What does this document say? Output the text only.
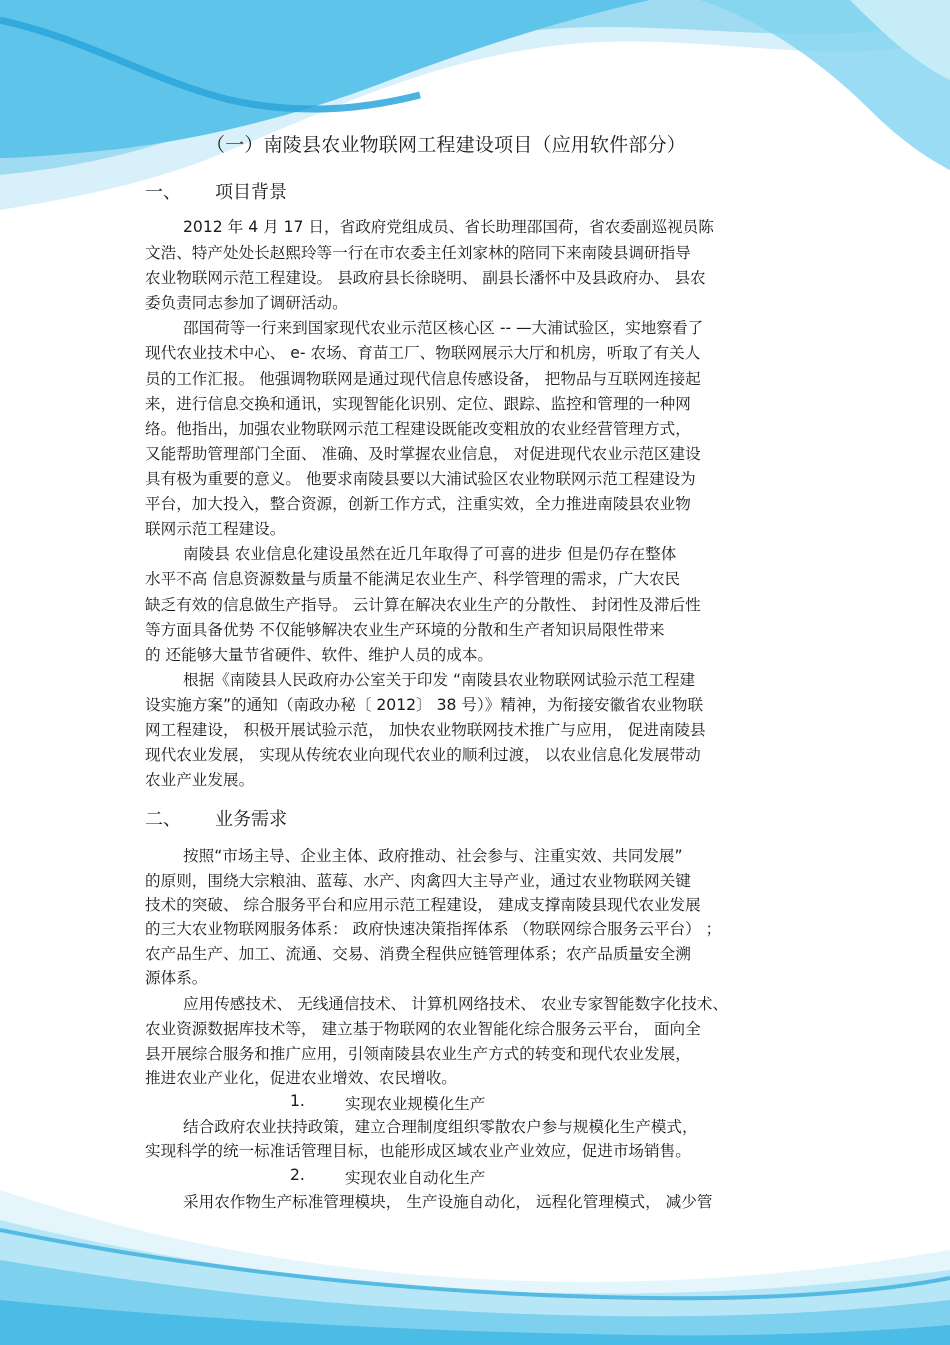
（一）南陵县农业物联网工程建设项目（应用软件部分）
一、 项目背景
2012 年 4 月 17 日，省政府党组成员、省长助理邵国荷，省农委副巡视员陈
文浩、特产处处长赵熙玲等一行在市农委主任刘家林的陪同下来南陵县调研指导
农业物联网示范工程建设。 县政府县长徐晓明、 副县长潘怀中及县政府办、 县农
委负责同志参加了调研活动。
邵国荷等一行来到国家现代农业示范区核心区 -- —大浦试验区，实地察看了
现代农业技术中心、 e- 农场、育苗工厂、物联网展示大厅和机房，听取了有关人
员的工作汇报。 他强调物联网是通过现代信息传感设备， 把物品与互联网连接起
来，进行信息交换和通讯，实现智能化识别、定位、跟踪、监控和管理的一种网
络。他指出，加强农业物联网示范工程建设既能改变粗放的农业经营管理方式，
又能帮助管理部门全面、 准确、及时掌握农业信息， 对促进现代农业示范区建设
具有极为重要的意义。 他要求南陵县要以大浦试验区农业物联网示范工程建设为
平台，加大投入，整合资源，创新工作方式，注重实效，全力推进南陵县农业物
联网示范工程建设。
南陵县 农业信息化建设虽然在近几年取得了可喜的进步 但是仍存在整体
水平不高 信息资源数量与质量不能满足农业生产、科学管理的需求，广大农民
缺乏有效的信息做生产指导。 云计算在解决农业生产的分散性、 封闭性及滞后性
等方面具备优势 不仅能够解决农业生产环境的分散和生产者知识局限性带来
的 还能够大量节省硬件、软件、维护人员的成本。
根据《南陵县人民政府办公室关于印发 “南陵县农业物联网试验示范工程建
设实施方案”的通知（南政办秘〔 2012〕 38 号）》精神，为衔接安徽省农业物联
网工程建设， 积极开展试验示范， 加快农业物联网技术推广与应用， 促进南陵县
现代农业发展， 实现从传统农业向现代农业的顺利过渡， 以农业信息化发展带动
农业产业发展。
二、 业务需求
按照“市场主导、企业主体、政府推动、社会参与、注重实效、共同发展”
的原则，围绕大宗粮油、蓝莓、水产、肉禽四大主导产业，通过农业物联网关键
技术的突破、 综合服务平台和应用示范工程建设， 建成支撑南陵县现代农业发展
的三大农业物联网服务体系： 政府快速决策指挥体系 （物联网综合服务云平台） ；
农产品生产、加工、流通、交易、消费全程供应链管理体系；农产品质量安全溯
源体系。
应用传感技术、 无线通信技术、 计算机网络技术、 农业专家智能数字化技术、
农业资源数据库技术等， 建立基于物联网的农业智能化综合服务云平台， 面向全
县开展综合服务和推广应用，引领南陵县农业生产方式的转变和现代农业发展，
推进农业产业化，促进农业增效、农民增收。
1.	实现农业规模化生产
结合政府农业扶持政策，建立合理制度组织零散农户参与规模化生产模式，
实现科学的统一标准话管理目标，也能形成区域农业产业效应，促进市场销售。
2.	实现农业自动化生产
采用农作物生产标准管理模块， 生产设施自动化， 远程化管理模式， 减少管
